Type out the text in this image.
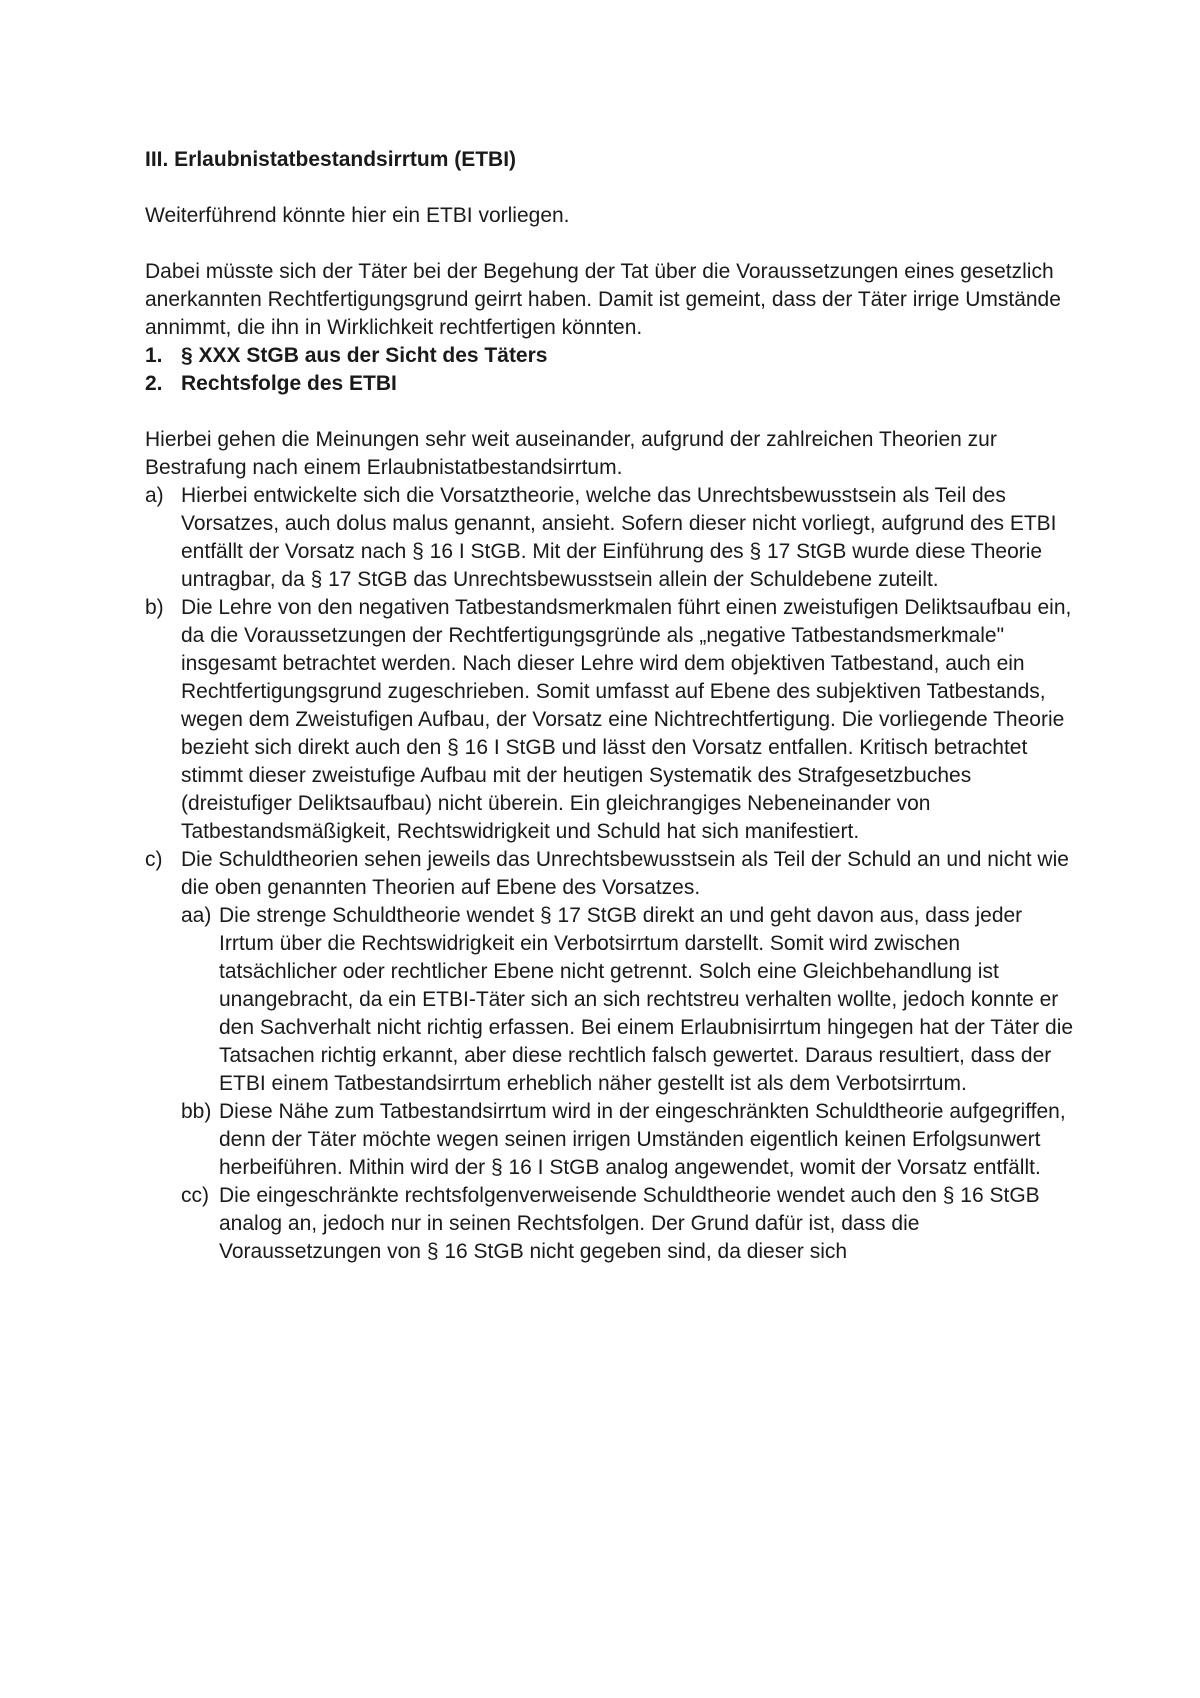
III. Erlaubnistatbestandsirrtum (ETBI)

Weiterführend könnte hier ein ETBI vorliegen.

Dabei müsste sich der Täter bei der Begehung der Tat über die Voraussetzungen eines gesetzlich anerkannten Rechtfertigungsgrund geirrt haben. Damit ist gemeint, dass der Täter irrige Umstände annimmt, die ihn in Wirklichkeit rechtfertigen könnten.

1. § XXX StGB aus der Sicht des Täters
2. Rechtsfolge des ETBI

Hierbei gehen die Meinungen sehr weit auseinander, aufgrund der zahlreichen Theorien zur Bestrafung nach einem Erlaubnistatbestandsirrtum.

a) Hierbei entwickelte sich die Vorsatztheorie, welche das Unrechtsbewusstsein als Teil des Vorsatzes, auch dolus malus genannt, ansieht. Sofern dieser nicht vorliegt, aufgrund des ETBI entfällt der Vorsatz nach § 16 I StGB. Mit der Einführung des § 17 StGB wurde diese Theorie untragbar, da § 17 StGB das Unrechtsbewusstsein allein der Schuldebene zuteilt.
b) Die Lehre von den negativen Tatbestandsmerkmalen führt einen zweistufigen Deliktsaufbau ein, da die Voraussetzungen der Rechtfertigungsgründe als „negative Tatbestandsmerkmale" insgesamt betrachtet werden. Nach dieser Lehre wird dem objektiven Tatbestand, auch ein Rechtfertigungsgrund zugeschrieben. Somit umfasst auf Ebene des subjektiven Tatbestands, wegen dem Zweistufigen Aufbau, der Vorsatz eine Nichtrechtfertigung. Die vorliegende Theorie bezieht sich direkt auch den § 16 I StGB und lässt den Vorsatz entfallen. Kritisch betrachtet stimmt dieser zweistufige Aufbau mit der heutigen Systematik des Strafgesetzbuches (dreistufiger Deliktsaufbau) nicht überein. Ein gleichrangiges Nebeneinander von Tatbestandsmäßigkeit, Rechtswidrigkeit und Schuld hat sich manifestiert.
c) Die Schuldtheorien sehen jeweils das Unrechtsbewusstsein als Teil der Schuld an und nicht wie die oben genannten Theorien auf Ebene des Vorsatzes.
aa) Die strenge Schuldtheorie wendet § 17 StGB direkt an und geht davon aus, dass jeder Irrtum über die Rechtswidrigkeit ein Verbotsirrtum darstellt. Somit wird zwischen tatsächlicher oder rechtlicher Ebene nicht getrennt. Solch eine Gleichbehandlung ist unangebracht, da ein ETBI-Täter sich an sich rechtstreu verhalten wollte, jedoch konnte er den Sachverhalt nicht richtig erfassen. Bei einem Erlaubnisirrtum hingegen hat der Täter die Tatsachen richtig erkannt, aber diese rechtlich falsch gewertet. Daraus resultiert, dass der ETBI einem Tatbestandsirrtum erheblich näher gestellt ist als dem Verbotsirrtum.
bb) Diese Nähe zum Tatbestandsirrtum wird in der eingeschränkten Schuldtheorie aufgegriffen, denn der Täter möchte wegen seinen irrigen Umständen eigentlich keinen Erfolgsunwert herbeiführen. Mithin wird der § 16 I StGB analog angewendet, womit der Vorsatz entfällt.
cc) Die eingeschränkte rechtsfolgenverweisende Schuldtheorie wendet auch den § 16 StGB analog an, jedoch nur in seinen Rechtsfolgen. Der Grund dafür ist, dass die Voraussetzungen von § 16 StGB nicht gegeben sind, da dieser sich
